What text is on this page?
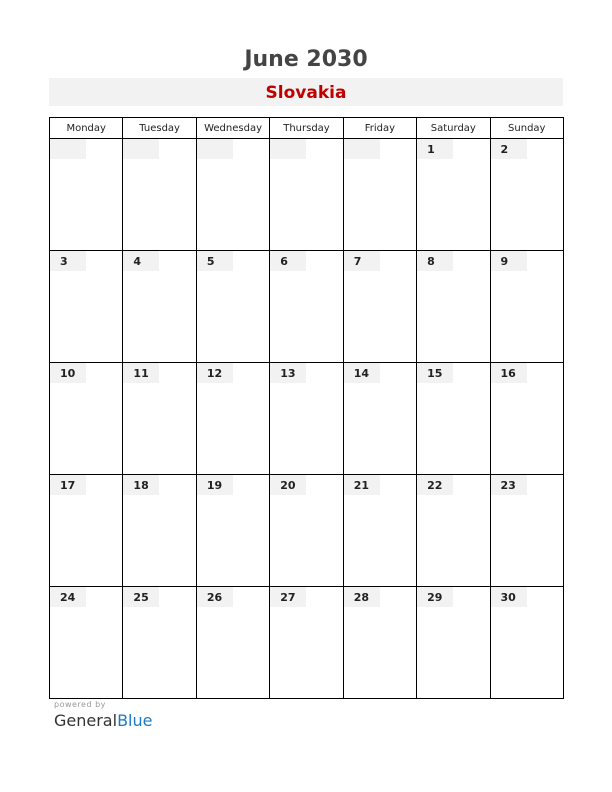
June 2030
Slovakia
Monday	Tuesday	Wednesday	Thursday	Friday	Saturday	Sunday

					1	2

3	4	5	6	7	8	9

10	11	12	13	14	15	16

17	18	19	20	21	22	23

24	25	26	27	28	29	30
powered by
GeneralBlue
